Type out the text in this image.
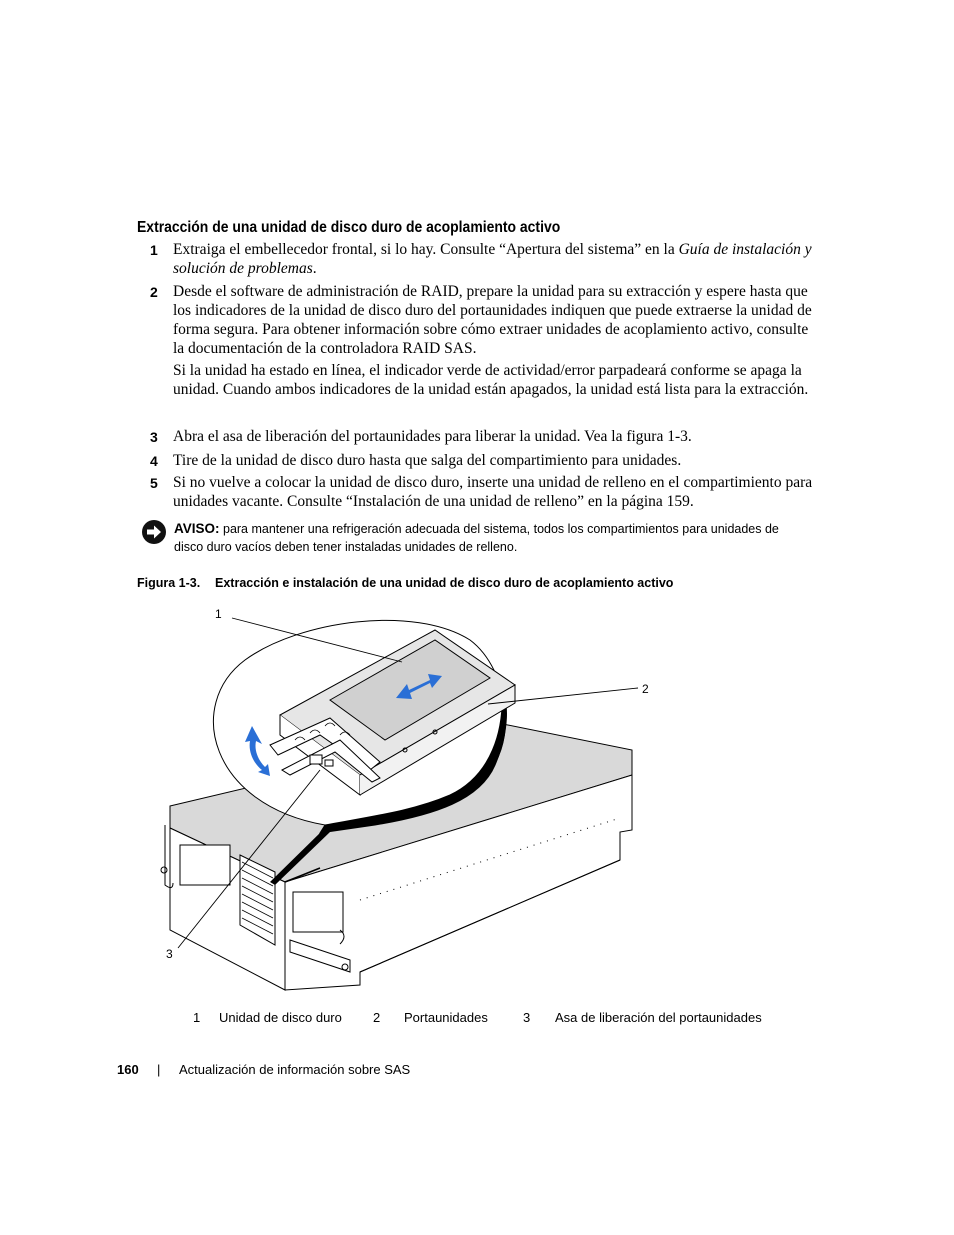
Extracción de una unidad de disco duro de acoplamiento activo
1 Extraiga el embellecedor frontal, si lo hay. Consulte “Apertura del sistema” en la Guía de instalación y solución de problemas.
2 Desde el software de administración de RAID, prepare la unidad para su extracción y espere hasta que los indicadores de la unidad de disco duro del portaunidades indiquen que puede extraerse la unidad de forma segura. Para obtener información sobre cómo extraer unidades de acoplamiento activo, consulte la documentación de la controladora RAID SAS.
Si la unidad ha estado en línea, el indicador verde de actividad/error parpadeará conforme se apaga la unidad. Cuando ambos indicadores de la unidad están apagados, la unidad está lista para la extracción.
3 Abra el asa de liberación del portaunidades para liberar la unidad. Vea la figura 1-3.
4 Tire de la unidad de disco duro hasta que salga del compartimiento para unidades.
5 Si no vuelve a colocar la unidad de disco duro, inserte una unidad de relleno en el compartimiento para unidades vacante. Consulte “Instalación de una unidad de relleno” en la página 159.
AVISO: para mantener una refrigeración adecuada del sistema, todos los compartimientos para unidades de disco duro vacíos deben tener instaladas unidades de relleno.
Figura 1-3. Extracción e instalación de una unidad de disco duro de acoplamiento activo
1
2
3
1 Unidad de disco duro 2 Portaunidades	3 Asa de liberación del portaunidades
160 | Actualización de información sobre SAS
